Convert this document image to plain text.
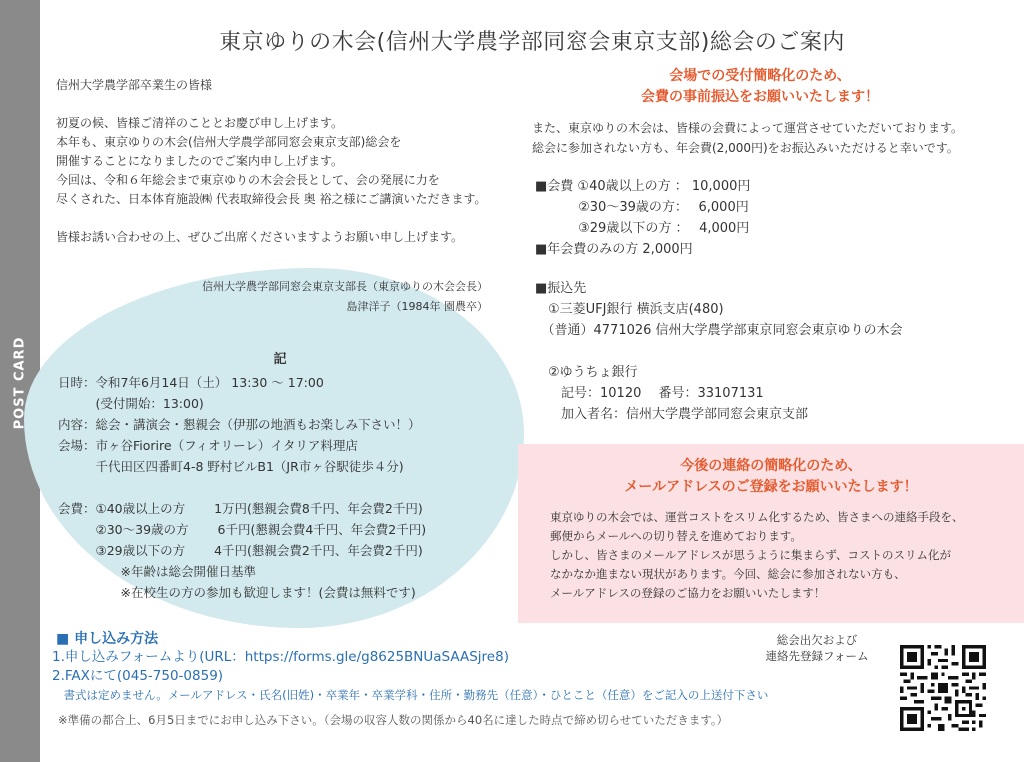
POST CARD
東京ゆりの木会(信州大学農学部同窓会東京支部)総会のご案内
信州大学農学部卒業生の皆様
初夏の候、皆様ご清祥のこととお慶び申し上げます。
本年も、東京ゆりの木会(信州大学農学部同窓会東京支部)総会を
開催することになりましたのでご案内申し上げます。
今回は、令和６年総会まで東京ゆりの木会会長として、会の発展に力を
尽くされた、日本体育施設㈱ 代表取締役会長 奥 裕之様にご講演いただきます。
皆様お誘い合わせの上、ぜひご出席くださいますようお願い申し上げます。
信州大学農学部同窓会東京支部長（東京ゆりの木会会長）
島津洋子（1984年 園農卒）
記
日時：令和7年6月14日（土） 13:30 ～ 17:00
　　　(受付開始：13:00)
内容：総会・講演会・懇親会（伊那の地酒もお楽しみ下さい！）
会場：市ヶ谷Fiorire（フィオリーレ）イタリア料理店
　　　千代田区四番町4-8 野村ビルB1（JR市ヶ谷駅徒歩４分)
会費：①40歳以上の方　　 1万円(懇親会費8千円、年会費2千円)
　　　②30～39歳の方　　 6千円(懇親会費4千円、年会費2千円)
　　　③29歳以下の方　　 4千円(懇親会費2千円、年会費2千円)
　　　　　※年齢は総会開催日基準
　　　　　※在校生の方の参加も歓迎します！(会費は無料です)
会場での受付簡略化のため、
会費の事前振込をお願いいたします！
また、東京ゆりの木会は、皆様の会費によって運営させていただいております。
総会に参加されない方も、年会費(2,000円)をお振込みいただけると幸いです。
■会費 ①40歳以上の方 ： 10,000円
　　　 ②30～39歳の方：　 6,000円
　　　 ③29歳以下の方 ：　 4,000円
■年会費のみの方 2,000円
■振込先
　①三菱UFJ銀行 横浜支店(480)
　（普通）4771026 信州大学農学部東京同窓会東京ゆりの木会
　②ゆうちょ銀行
　　記号：10120　 番号：33107131
　　加入者名：信州大学農学部同窓会東京支部
今後の連絡の簡略化のため、
メールアドレスのご登録をお願いいたします！
東京ゆりの木会では、運営コストをスリム化するため、皆さまへの連絡手段を、
郵便からメールへの切り替えを進めております。
しかし、皆さまのメールアドレスが思うように集まらず、コストのスリム化が
なかなか進まない現状があります。今回、総会に参加されない方も、
メールアドレスの登録のご協力をお願いいたします！
■ 申し込み方法
1.申し込みフォームより(URL：https://forms.gle/g8625BNUaSAASjre8)
2.FAXにて(045-750-0859)
　書式は定めません。メールアドレス・氏名(旧姓)・卒業年・卒業学科・住所・勤務先（任意）・ひとこと（任意）をご記入の上送付下さい
※準備の都合上、6月5日までにお申し込み下さい。（会場の収容人数の関係から40名に達した時点で締め切らせていただきます。）
総会出欠および
連絡先登録フォーム
